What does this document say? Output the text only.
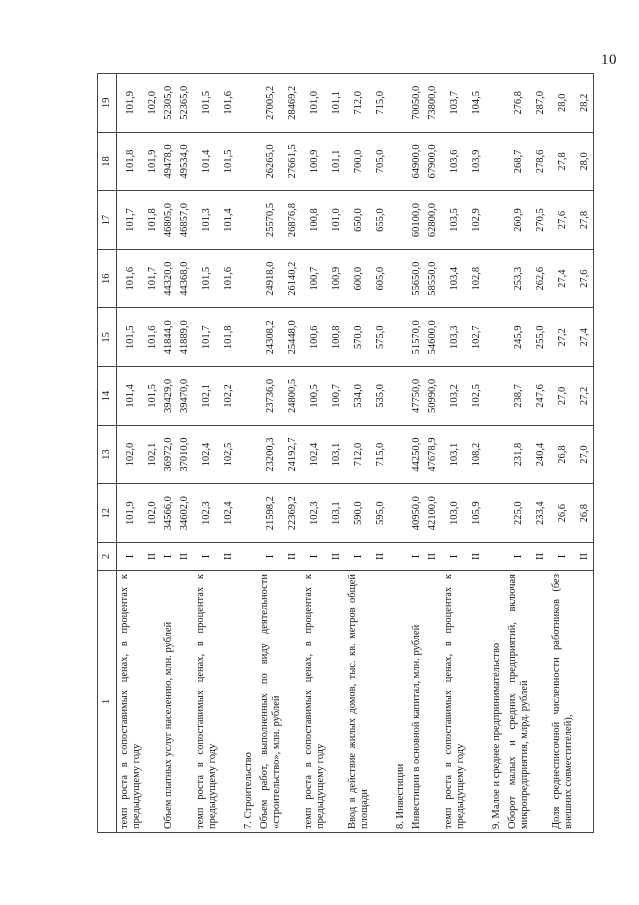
10
1	2	12	13	14	15	16	17	18	19
темп роста в сопоставимых ценах, в процентах к предыдущему году	I	101,9	102,0	101,4	101,5	101,6	101,7	101,8	101,9
	II	102,0	102,1	101,5	101,6	101,7	101,8	101,9	102,0
Объем платных услуг населению, млн. рублей	I	34566,0	36972,0	39429,0	41844,0	44320,0	46805,0	49478,0	52305,0
	II	34602,0	37010,0	39470,0	41889,0	44368,0	46857,0	49534,0	52365,0
темп роста в сопоставимых ценах, в процентах к предыдущему году	I	102,3	102,4	102,1	101,7	101,5	101,3	101,4	101,5
	II	102,4	102,5	102,2	101,8	101,6	101,4	101,5	101,6
7. Строительство									
Объем работ, выполненных по виду деятельности «строительство», млн. рублей	I	21598,2	23200,3	23736,0	24308,2	24918,0	25570,5	26265,0	27005,2
	II	22369,2	24192,7	24800,5	25448,0	26140,2	26876,8	27661,5	28469,2
темп роста в сопоставимых ценах, в процентах к предыдущему году	I	102,3	102,4	100,5	100,6	100,7	100,8	100,9	101,0
	II	103,1	103,1	100,7	100,8	100,9	101,0	101,1	101,1
Ввод в действие жилых домов, тыс. кв. метров общей площади	I	590,0	712,0	534,0	570,0	600,0	650,0	700,0	712,0
	II	595,0	715,0	535,0	575,0	605,0	655,0	705,0	715,0
8. Инвестиции									
Инвестиции в основной капитал, млн. рублей	I	40950,0	44250,0	47750,0	51570,0	55650,0	60100,0	64900,0	70050,0
	II	42100,0	47678,9	50990,0	54600,0	58550,0	62800,0	67900,0	73800,0
темп роста в сопоставимых ценах, в процентах к предыдущему году	I	103,0	103,1	103,2	103,3	103,4	103,5	103,6	103,7
	II	105,9	108,2	102,5	102,7	102,8	102,9	103,9	104,5
9. Малое и среднее предпринимательство									
Оборот малых и средних предприятий, включая микропредприятия, млрд. рублей	I	225,0	231,8	238,7	245,9	253,3	260,9	268,7	276,8
	II	233,4	240,4	247,6	255,0	262,6	270,5	278,6	287,0
Доля среднесписочной численности работников (без внешних совместителей),	I	26,6	26,8	27,0	27,2	27,4	27,6	27,8	28,0
	II	26,8	27,0	27,2	27,4	27,6	27,8	28,0	28,2
